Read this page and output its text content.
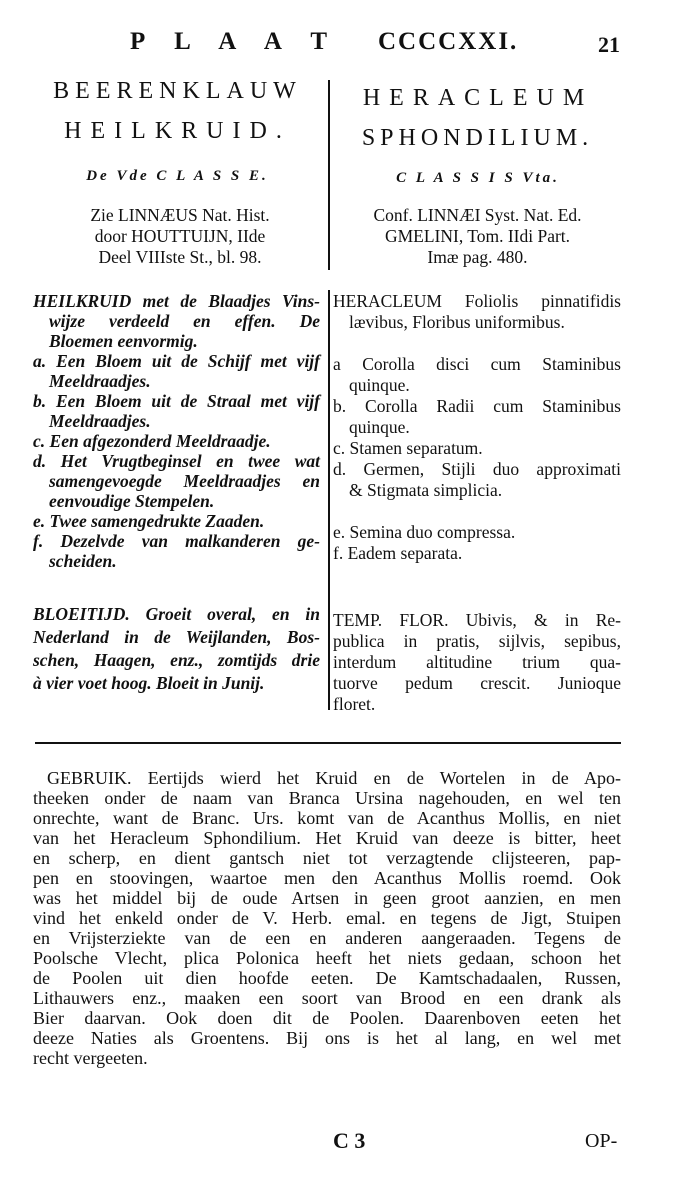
P L A A T CCCCXXI.	21
BEERENKLAUW
HEILKRUID.
De Vde C L A S S E.
Zie LINNÆUS Nat. Hist.
door HOUTTUIJN, IIde
Deel VIIIste St., bl. 98.
HERACLEUM
SPHONDILIUM.
C L A S S I S Vta.
Conf. LINNÆI Syst. Nat. Ed.
GMELINI, Tom. IIdi Part.
Imæ pag. 480.
HEILKRUID met de Blaadjes Vins-
wijze verdeeld en effen. De
Bloemen eenvormig.
a. Een Bloem uit de Schijf met vijf
Meeldraadjes.
b. Een Bloem uit de Straal met vijf
Meeldraadjes.
c. Een afgezonderd Meeldraadje.
d. Het Vrugtbeginsel en twee wat
samengevoegde Meeldraadjes en
eenvoudige Stempelen.
e. Twee samengedrukte Zaaden.
f. Dezelvde van malkanderen ge-
scheiden.
HERACLEUM Foliolis pinnatifidis
lævibus, Floribus uniformibus.
a Corolla disci cum Staminibus
quinque.
b. Corolla Radii cum Staminibus
quinque.
c. Stamen separatum.
d. Germen, Stijli duo approximati
& Stigmata simplicia.
e. Semina duo compressa.
f. Eadem separata.
BLOEITIJD. Groeit overal, en in
Nederland in de Weijlanden, Bos-
schen, Haagen, enz., zomtijds drie
à vier voet hoog. Bloeit in Junij.
TEMP. FLOR. Ubivis, & in Re-
publica in pratis, sijlvis, sepibus,
interdum altitudine trium qua-
tuorve pedum crescit. Junioque
floret.
GEBRUIK. Eertijds wierd het Kruid en de Wortelen in de Apo-
theeken onder de naam van Branca Ursina nagehouden, en wel ten
onrechte, want de Branc. Urs. komt van de Acanthus Mollis, en niet
van het Heracleum Sphondilium. Het Kruid van deeze is bitter, heet
en scherp, en dient gantsch niet tot verzagtende clijsteeren, pap-
pen en stoovingen, waartoe men den Acanthus Mollis roemd. Ook
was het middel bij de oude Artsen in geen groot aanzien, en men
vind het enkeld onder de V. Herb. emal. en tegens de Jigt, Stuipen
en Vrijsterziekte van de een en anderen aangeraaden. Tegens de
Poolsche Vlecht, plica Polonica heeft het niets gedaan, schoon het
de Poolen uit dien hoofde eeten. De Kamtschadaalen, Russen,
Lithauwers enz., maaken een soort van Brood en een drank als
Bier daarvan. Ook doen dit de Poolen. Daarenboven eeten het
deeze Naties als Groentens. Bij ons is het al lang, en wel met
recht vergeeten.
C 3	OP-
